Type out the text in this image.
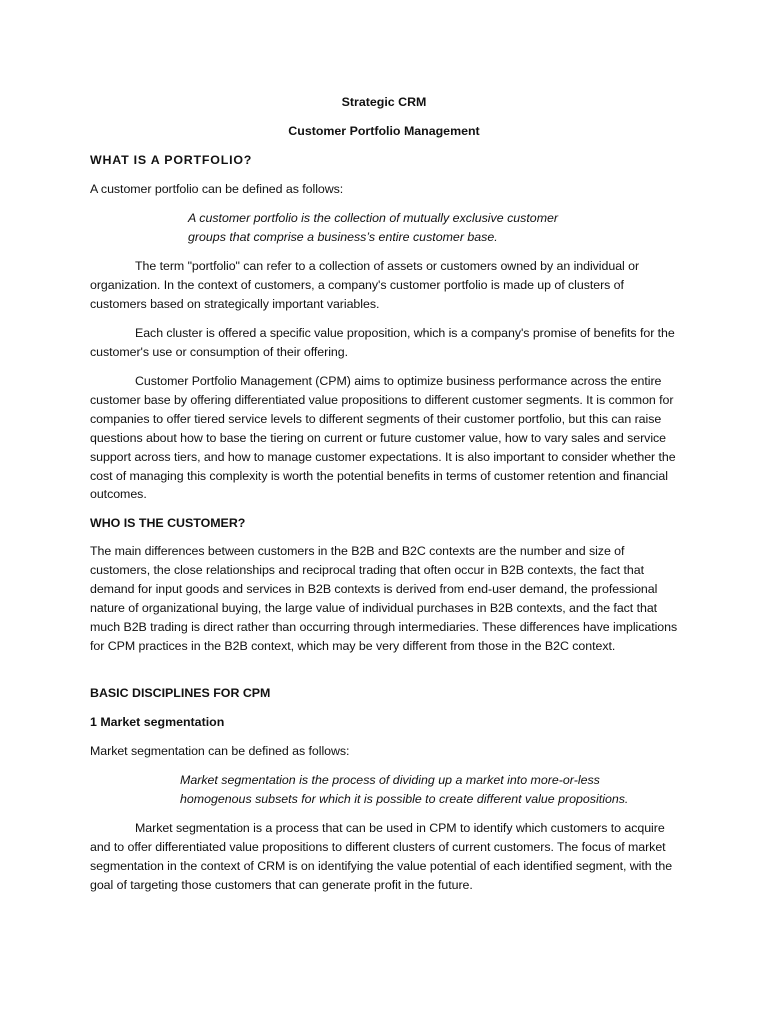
Strategic CRM

Customer Portfolio Management

WHAT IS A PORTFOLIO?

A customer portfolio can be defined as follows:

A customer portfolio is the collection of mutually exclusive customer

groups that comprise a business’s entire customer base.

The term "portfolio" can refer to a collection of assets or customers owned by an individual or organization. In the context of customers, a company's customer portfolio is made up of clusters of customers based on strategically important variables.

Each cluster is offered a specific value proposition, which is a company's promise of benefits for the customer's use or consumption of their offering.

Customer Portfolio Management (CPM) aims to optimize business performance across the entire customer base by offering differentiated value propositions to different customer segments. It is common for companies to offer tiered service levels to different segments of their customer portfolio, but this can raise questions about how to base the tiering on current or future customer value, how to vary sales and service support across tiers, and how to manage customer expectations. It is also important to consider whether the cost of managing this complexity is worth the potential benefits in terms of customer retention and financial outcomes.

WHO IS THE CUSTOMER?

The main differences between customers in the B2B and B2C contexts are the number and size of customers, the close relationships and reciprocal trading that often occur in B2B contexts, the fact that demand for input goods and services in B2B contexts is derived from end-user demand, the professional nature of organizational buying, the large value of individual purchases in B2B contexts, and the fact that much B2B trading is direct rather than occurring through intermediaries. These differences have implications for CPM practices in the B2B context, which may be very different from those in the B2C context.

BASIC DISCIPLINES FOR CPM

1 Market segmentation

Market segmentation can be defined as follows:

Market segmentation is the process of dividing up a market into more-or-less

homogenous subsets for which it is possible to create different value propositions.

Market segmentation is a process that can be used in CPM to identify which customers to acquire and to offer differentiated value propositions to different clusters of current customers. The focus of market segmentation in the context of CRM is on identifying the value potential of each identified segment, with the goal of targeting those customers that can generate profit in the future.
